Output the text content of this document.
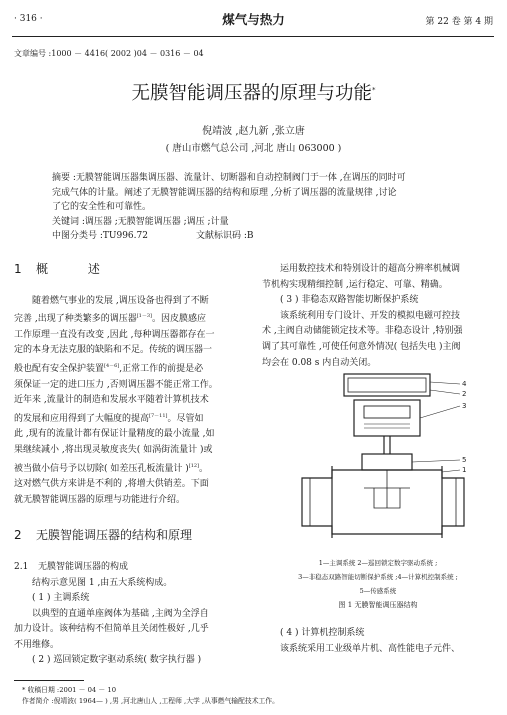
· 316 ·	煤气与热力	第 22 卷 第 4 期
文章编号 :1000 － 4416( 2002 )04 － 0316 － 04
无膜智能调压器的原理与功能*
倪靖波 ,赵九新 ,张立唐
( 唐山市燃气总公司 ,河北 唐山 063000 )

摘要 :无膜智能调压器集调压器、流量计、切断器和自动控制阀门于一体 ,在调压的同时可

完成气体的计量。阐述了无膜智能调压器的结构和原理 ,分析了调压器的流量规律 ,讨论

了它的安全性和可靠性。

关键词 :调压器 ;无膜智能调压器 ;调压 ;计量

中图分类号 :TU996.72	文献标识码 :B
1 概 述

随着燃气事业的发展 ,调压设备也得到了不断

完善 ,出现了种类繁多的调压器[1－3]。因皮膜感应

工作原理一直没有改变 ,因此 ,每种调压器都存在一

定的本身无法克服的缺陷和不足。传统的调压器一

般也配有安全保护装置[4－6],正常工作的前提是必

须保证一定的进口压力 ,否则调压器不能正常工作。

近年来 ,流量计的制造和发展水平随着计算机技术

的发展和应用得到了大幅度的提高[7－11]。尽管如

此 ,现有的流量计都有保证计量精度的最小流量 ,如

果继续减小 ,将出现灵敏度丧失( 如涡街流量计 )或

被当做小信号予以切除( 如差压孔板流量计 )[12]。

这对燃气供方来讲是不利的 ,将增大供销差。下面

就无膜智能调压器的原理与功能进行介绍。

2 无膜智能调压器的结构和原理
2.1 无膜智能调压器的构成

结构示意见图 1 ,由五大系统构成。

( 1 ) 主调系统

以典型的直通单座阀体为基础 ,主阀为全浮自

加力设计。该种结构不但简单且关闭性极好 ,几乎

不用维修。

( 2 ) 巡回锁定数字驱动系统( 数字执行器 )

运用数控技术和特别设计的超高分辨率机械调

节机构实现精细控制 ,运行稳定、可靠、精确。

( 3 ) 非稳态双路智能切断保护系统

该系统利用专门设计、开发的模拟电磁可控技

术 ,主阀自动储能锁定技术等。非稳态设计 ,特别强

调了其可靠性 ,可使任何意外情况( 包括失电 )主阀

均会在 0.08 s 内自动关闭。

4
2
3
5
1
1—主调系统 2—巡回锁定数字驱动系统 ;
3—非稳态双路智能切断保护系统 ;4—计算机控制系统 ;
5—传感系统
图 1 无膜智能调压器结构

( 4 ) 计算机控制系统

该系统采用工业级单片机、高性能电子元件、

* 收稿日期 :2001 － 04 － 10
作者简介 :倪靖波( 1964— ) ,男 ,河北唐山人 ,工程师 ,大学 ,从事燃气输配技术工作。
